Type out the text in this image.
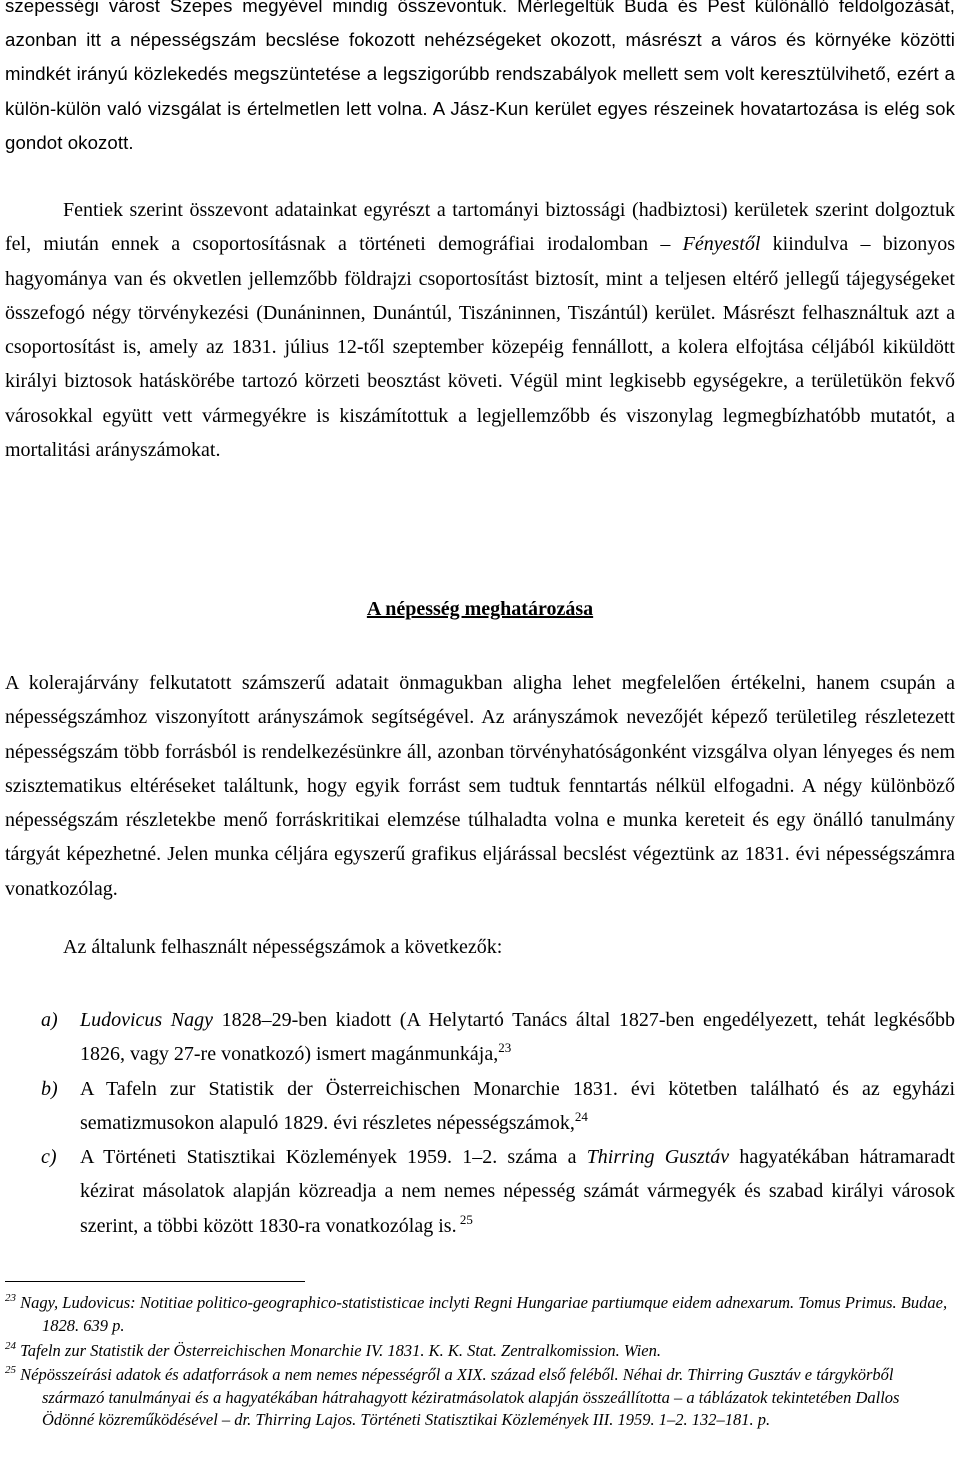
szepességi várost Szepes megyével mindig összevontuk. Mérlegeltük Buda és Pest különálló feldolgozását, azonban itt a népességszám becslése fokozott nehézségeket okozott, másrészt a város és környéke közötti mindkét irányú közlekedés megszüntetése a legszigorúbb rendszabályok mellett sem volt keresztülvihető, ezért a külön-külön való vizsgálat is értelmetlen lett volna. A Jász-Kun kerület egyes részeinek hovatartozása is elég sok gondot okozott.

Fentiek szerint összevont adatainkat egyrészt a tartományi biztossági (hadbiztosi) kerületek szerint dolgoztuk fel, miután ennek a csoportosításnak a történeti demográfiai irodalomban – Fényestől kiindulva – bizonyos hagyománya van és okvetlen jellemzőbb földrajzi csoportosítást biztosít, mint a teljesen eltérő jellegű tájegységeket összefogó négy törvénykezési (Dunáninnen, Dunántúl, Tiszáninnen, Tiszántúl) kerület. Másrészt felhasználtuk azt a csoportosítást is, amely az 1831. július 12-től szeptember közepéig fennállott, a kolera elfojtása céljából kiküldött királyi biztosok hatáskörébe tartozó körzeti beosztást követi. Végül mint legkisebb egységekre, a területükön fekvő városokkal együtt vett vármegyékre is kiszámítottuk a legjellemzőbb és viszonylag legmegbízhatóbb mutatót, a mortalitási arányszámokat.

A népesség meghatározása

A kolerajárvány felkutatott számszerű adatait önmagukban aligha lehet megfelelően értékelni, hanem csupán a népességszámhoz viszonyított arányszámok segítségével. Az arányszámok nevezőjét képező területileg részletezett népességszám több forrásból is rendelkezésünkre áll, azonban törvényhatóságonként vizsgálva olyan lényeges és nem szisztematikus eltéréseket találtunk, hogy egyik forrást sem tudtuk fenntartás nélkül elfogadni. A négy különböző népességszám részletekbe menő forráskritikai elemzése túlhaladta volna e munka kereteit és egy önálló tanulmány tárgyát képezhetné. Jelen munka céljára egyszerű grafikus eljárással becslést végeztünk az 1831. évi népességszámra vonatkozólag.

Az általunk felhasznált népességszámok a következők:

a) Ludovicus Nagy 1828–29-ben kiadott (A Helytartó Tanács által 1827-ben engedélyezett, tehát legkésőbb 1826, vagy 27-re vonatkozó) ismert magánmunkája,$^{23}$

b) A Tafeln zur Statistik der Österreichischen Monarchie 1831. évi kötetben található és az egyházi sematizmusokon alapuló 1829. évi részletes népességszámok,$^{24}$

c) A Történeti Statisztikai Közlemények 1959. 1–2. száma a Thirring Gusztáv hagyatékában hátramaradt kézirat másolatok alapján közreadja a nem nemes népesség számát vármegyék és szabad királyi városok szerint, a többi között 1830-ra vonatkozólag is. $^{25}$

$^{23}$ Nagy, Ludovicus: Notitiae politico-geographico-statististicae inclyti Regni Hungariae partiumque eidem adnexarum. Tomus Primus. Budae, 1828. 639 p.
$^{24}$ Tafeln zur Statistik der Österreichischen Monarchie IV. 1831. K. K. Stat. Zentralkomission. Wien.
$^{25}$ Népösszeírási adatok és adatforrások a nem nemes népességről a XIX. század első feléből. Néhai dr. Thirring Gusztáv e tárgykörből származó tanulmányai és a hagyatékában hátrahagyott kéziratmásolatok alapján összeállította – a táblázatok tekintetében Dallos Ödönné közreműködésével – dr. Thirring Lajos. Történeti Statisztikai Közlemények III. 1959. 1–2. 132–181. p.
